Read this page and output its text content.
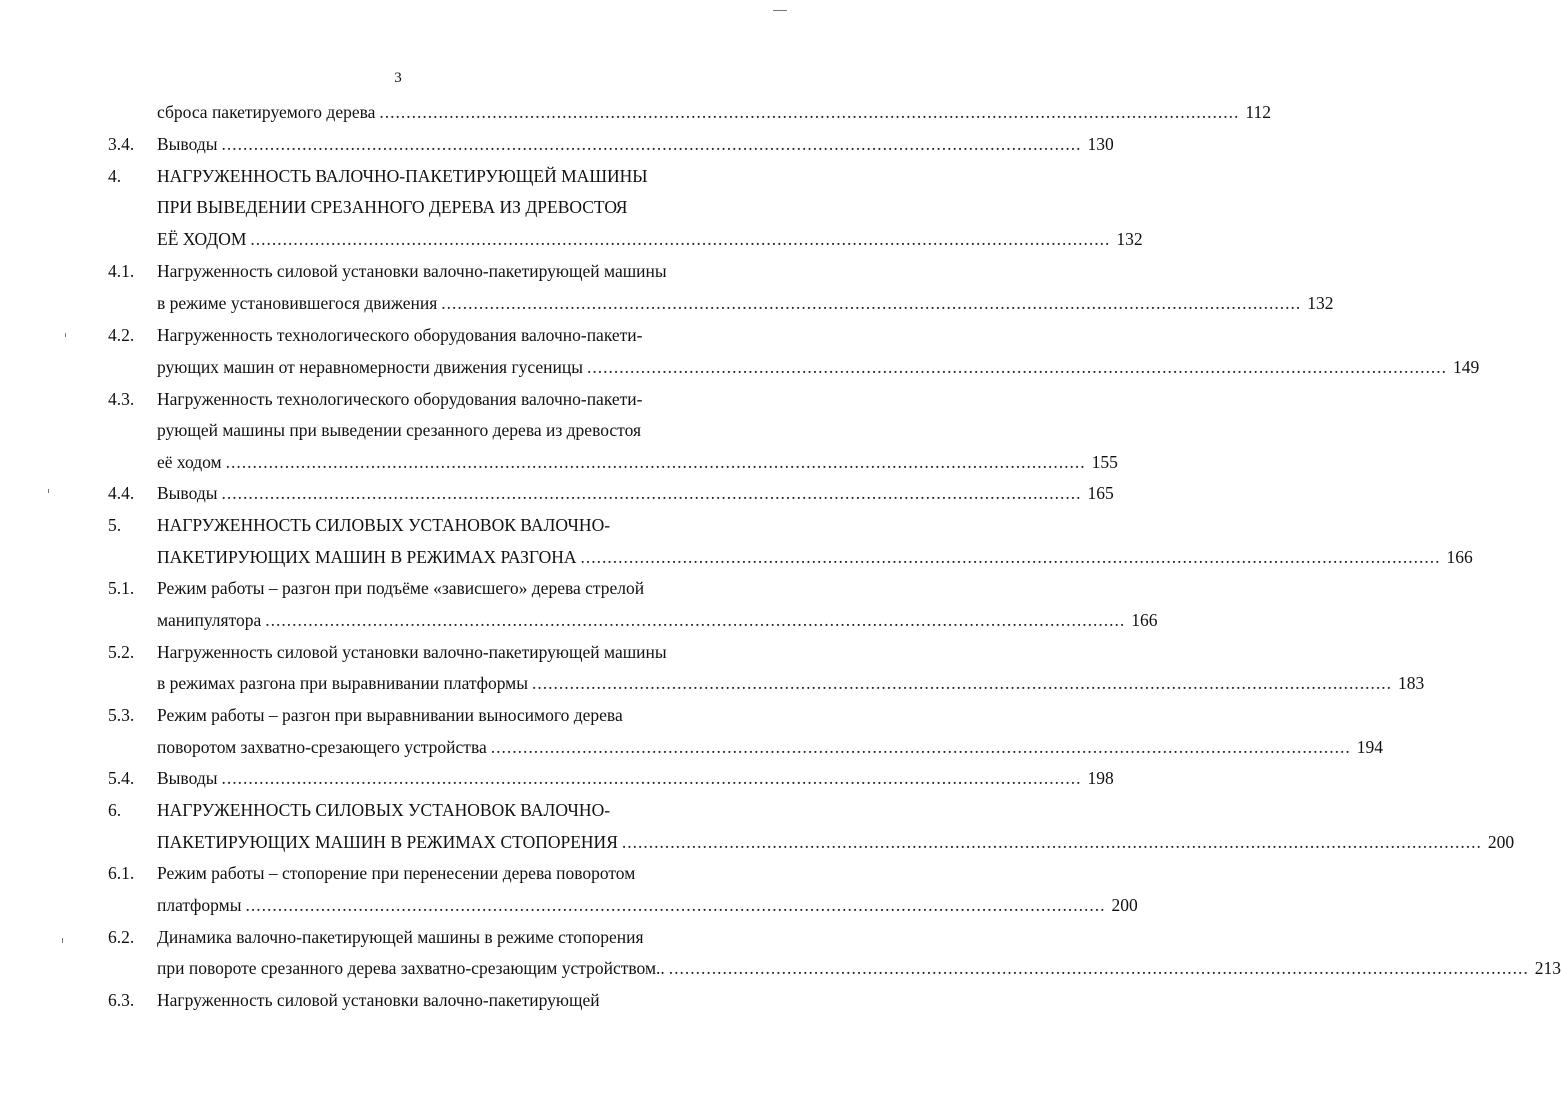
3
сброса пакетируемого дерева ................................................................................................................................................................ 112
3.4. Выводы ................................................................................................................................................................ 130
4. НАГРУЖЕННОСТЬ ВАЛОЧНО-ПАКЕТИРУЮЩЕЙ МАШИНЫ
ПРИ ВЫВЕДЕНИИ СРЕЗАННОГО ДЕРЕВА ИЗ ДРЕВОСТОЯ
ЕЁ ХОДОМ ................................................................................................................................................................ 132
4.1. Нагруженность силовой установки валочно-пакетирующей машины
в режиме установившегося движения ................................................................................................................................................................ 132
4.2. Нагруженность технологического оборудования валочно-пакети-
рующих машин от неравномерности движения гусеницы ................................................................................................................................................................ 149
4.3. Нагруженность технологического оборудования валочно-пакети-
рующей машины при выведении срезанного дерева из древостоя
её ходом ................................................................................................................................................................ 155
4.4. Выводы ................................................................................................................................................................ 165
5. НАГРУЖЕННОСТЬ СИЛОВЫХ УСТАНОВОК ВАЛОЧНО-
ПАКЕТИРУЮЩИХ МАШИН В РЕЖИМАХ РАЗГОНА ................................................................................................................................................................ 166
5.1. Режим работы – разгон при подъёме «зависшего» дерева стрелой
манипулятора ................................................................................................................................................................ 166
5.2. Нагруженность силовой установки валочно-пакетирующей машины
в режимах разгона при выравнивании платформы ................................................................................................................................................................ 183
5.3. Режим работы – разгон при выравнивании выносимого дерева
поворотом захватно-срезающего устройства ................................................................................................................................................................ 194
5.4. Выводы ................................................................................................................................................................ 198
6. НАГРУЖЕННОСТЬ СИЛОВЫХ УСТАНОВОК ВАЛОЧНО-
ПАКЕТИРУЮЩИХ МАШИН В РЕЖИМАХ СТОПОРЕНИЯ ................................................................................................................................................................ 200
6.1. Режим работы – стопорение при перенесении дерева поворотом
платформы ................................................................................................................................................................ 200
6.2. Динамика валочно-пакетирующей машины в режиме стопорения
при повороте срезанного дерева захватно-срезающим устройством.. ................................................................................................................................................................ 213
6.3. Нагруженность силовой установки валочно-пакетирующей
